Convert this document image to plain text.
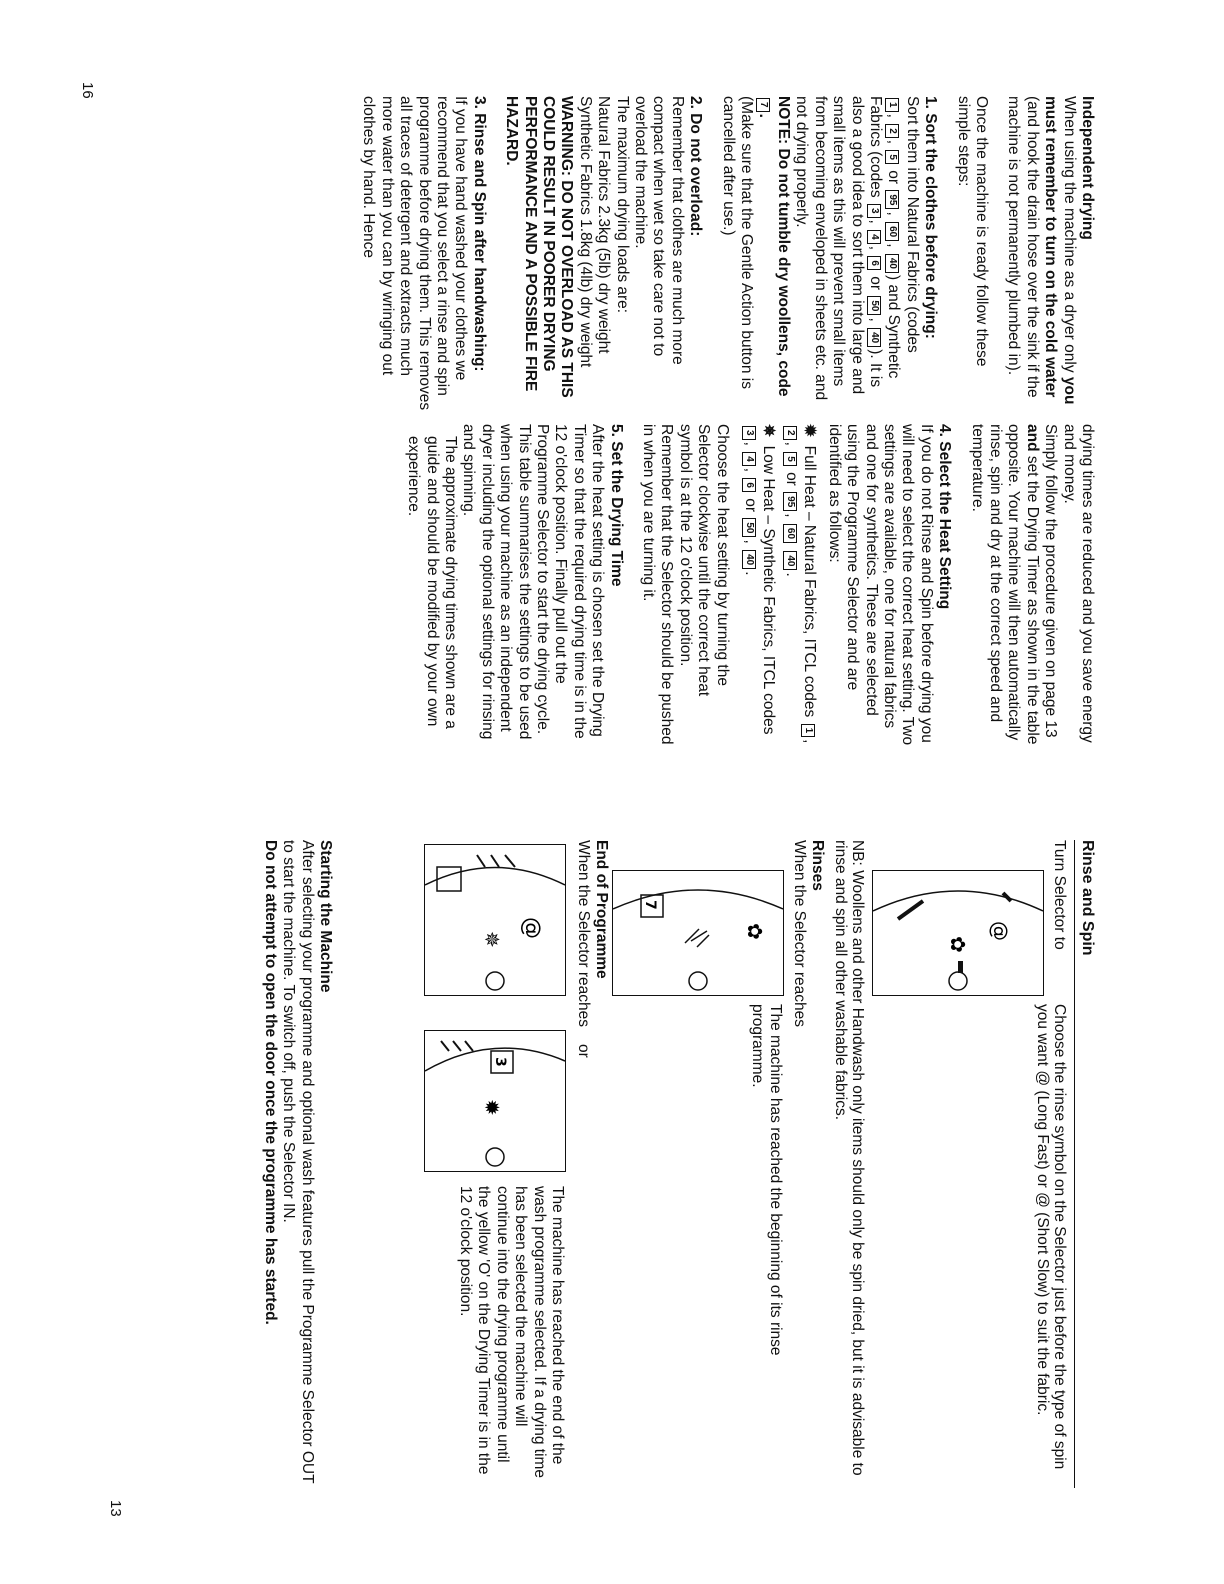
Independent drying

When using the machine as a dryer only you must remember to turn on the cold water (and hook the drain hose over the sink if the machine is not permanently plumbed in).

Once the machine is ready follow these simple steps:

1. Sort the clothes before drying:

Sort them into Natural Fabrics (codes
1, 2, 5 or 95, 60, 40) and Synthetic Fabrics (codes 3, 4, 6 or 50, 40). It is also a good idea to sort them into large and small items as this will prevent small items from becoming enveloped in sheets etc. and not drying properly.

NOTE: Do not tumble dry woollens, code 7.

(Make sure that the Gentle Action button is cancelled after use.)

2. Do not overload:

Remember that clothes are much more compact when wet so take care not to overload the machine.

The maximum drying loads are:
Natural Fabrics 2.3kg (5lb) dry weight
Synthetic Fabrics 1.8kg (4lb) dry weight

WARNING: DO NOT OVERLOAD AS THIS COULD RESULT IN POORER DRYING PERFORMANCE AND A POSSIBLE FIRE HAZARD.

3. Rinse and Spin after handwashing:

If you have hand washed your clothes we recommend that you select a rinse and spin programme before drying them. This removes all traces of detergent and extracts much more water than you can by wringing out clothes by hand. Hence

drying times are reduced and you save energy and money.

Simply follow the procedure given on page 13 and set the Drying Timer as shown in the table opposite. Your machine will then automatically rinse, spin and dry at the correct speed and temperature.

4. Select the Heat Setting

If you do not Rinse and Spin before drying you will need to select the correct heat setting. Two settings are available, one for natural fabrics and one for synthetics. These are selected using the Programme Selector and are identified as follows:

✹  Full Heat – Natural Fabrics, ITCL codes 1, 2, 5 or 95, 60 40.
✵  Low Heat – Synthetic Fabrics, ITCL codes 3, 4, 6 or 50, 40.

Choose the heat setting by turning the Selector clockwise until the correct heat symbol is at the 12 o'clock position. Remember that the Selector should be pushed in when you are turning it.

5. Set the Drying Time

After the heat setting is chosen set the Drying Timer so that the required drying time is in the 12 o'clock position. Finally pull out the Programme Selector to start the drying cycle.

This table summarises the settings to be used when using your machine as an independent dryer including the optional settings for rinsing and spinning.

The approximate drying times shown are a guide and should be modified by your own experience.

16
Rinse and Spin
Turn Selector to
✿
@
Choose the rinse symbol on the Selector just before the type of spin you want @ (Long Fast) or @ (Short Slow) to suit the fabric.
NB: Woollens and other Handwash only items should only be spin dried, but it is advisable to rinse and spin all other washable fabrics.
Rinses
When the Selector reaches
✿
7
The machine has reached the beginning of its rinse programme.
End of Programme
When the Selector reaches
or
@
✵
3
✹
The machine has reached the end of the wash programme selected. If a drying time has been selected the machine will continue into the drying programme until the yellow 'O' on the Drying Timer is in the 12 o'clock position.
Starting the Machine
After selecting your programme and optional wash features pull the Programme Selector OUT to start the machine. To switch off, push the Selector IN.
Do not attempt to open the door once the programme has started.
13
